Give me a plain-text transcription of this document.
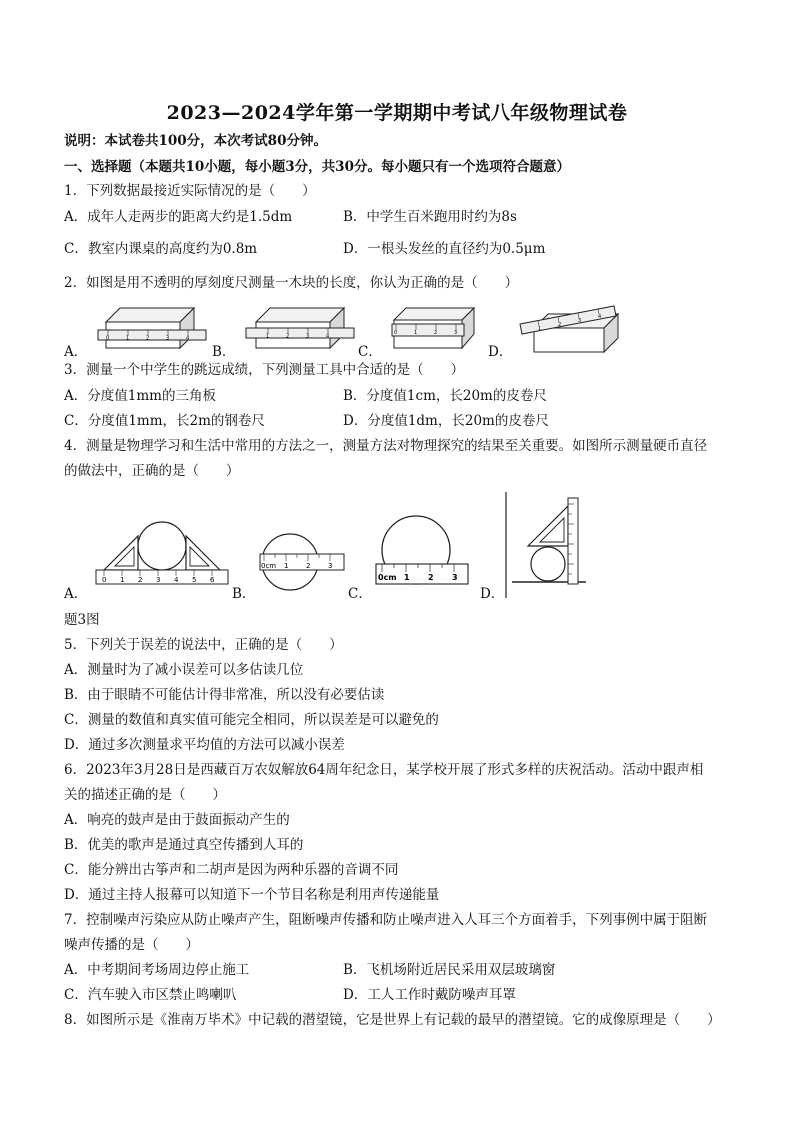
2023—2024学年第一学期期中考试八年级物理试卷
说明：本试卷共100分，本次考试80分钟。
一、选择题（本题共10小题，每小题3分，共30分。每小题只有一个选项符合题意）
1．下列数据最接近实际情况的是（　　）
A．成年人走两步的距离大约是1.5dm	B．中学生百米跑用时约为8s
C．教室内课桌的高度约为0.8m	D．一根头发丝的直径约为0.5μm
2．如图是用不透明的厚刻度尺测量一木块的长度，你认为正确的是（　　）
A．
0	1	2	3	4
B．
1	2	3	4
C．
0	1	2	3
D．
1
2
3
4
3．测量一个中学生的跳远成绩，下列测量工具中合适的是（　　）
A．分度值1mm的三角板	B．分度值1cm，长20m的皮卷尺
C．分度值1mm，长2m的钢卷尺	D．分度值1dm，长20m的皮卷尺
4．测量是物理学习和生活中常用的方法之一，测量方法对物理探究的结果至关重要。如图所示测量硬币直径
的做法中，正确的是（　　）
A．
0 1 2 3 4 5 6
B．
0cm 1	2	3
C．
0cm 1 2 3
D．
题3图
5．下列关于误差的说法中，正确的是（　　）
A．测量时为了减小误差可以多估读几位
B．由于眼睛不可能估计得非常准，所以没有必要估读
C．测量的数值和真实值可能完全相同，所以误差是可以避免的
D．通过多次测量求平均值的方法可以减小误差
6．2023年3月28日是西藏百万农奴解放64周年纪念日，某学校开展了形式多样的庆祝活动。活动中跟声相
关的描述正确的是（　　）
A．响亮的鼓声是由于鼓面振动产生的
B．优美的歌声是通过真空传播到人耳的
C．能分辨出古筝声和二胡声是因为两种乐器的音调不同
D．通过主持人报幕可以知道下一个节目名称是利用声传递能量
7．控制噪声污染应从防止噪声产生，阻断噪声传播和防止噪声进入人耳三个方面着手，下列事例中属于阻断
噪声传播的是（　　）
A．中考期间考场周边停止施工	B．飞机场附近居民采用双层玻璃窗
C．汽车驶入市区禁止鸣喇叭	D．工人工作时戴防噪声耳罩
8．如图所示是《淮南万毕术》中记载的潜望镜，它是世界上有记载的最早的潜望镜。它的成像原理是（　　）
